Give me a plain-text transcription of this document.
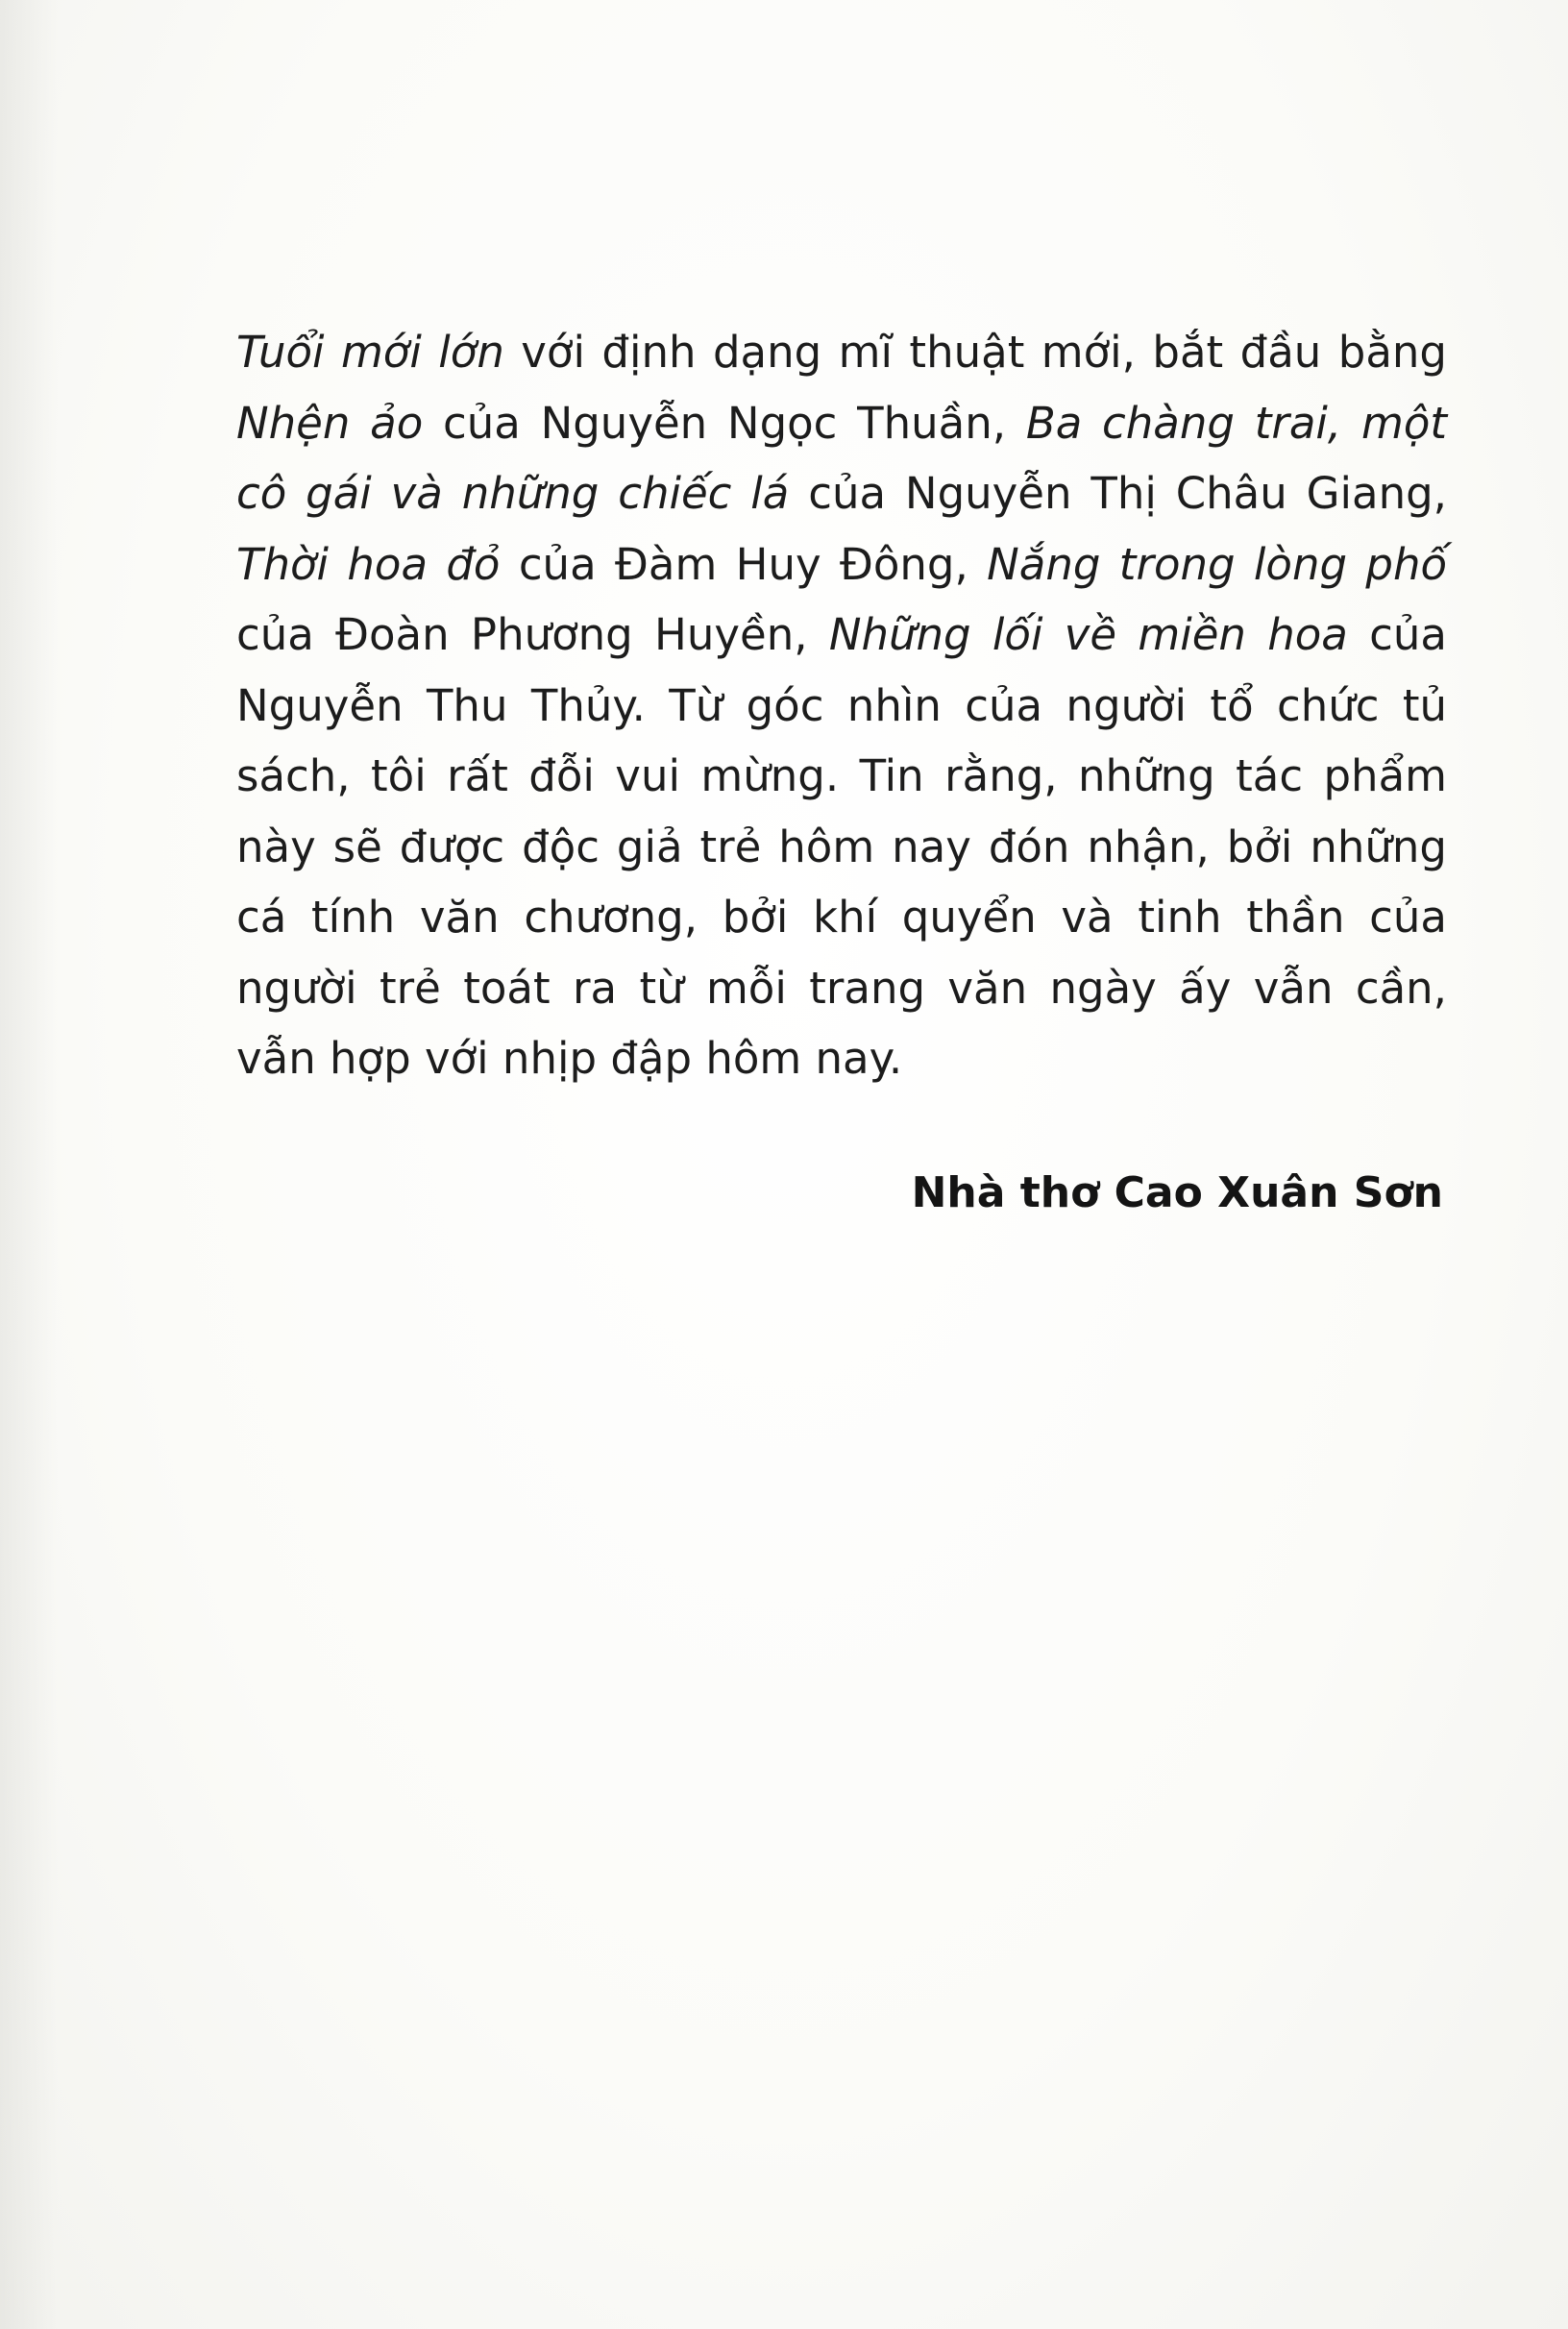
Tuổi mới lớn với định dạng mĩ thuật mới, bắt đầu bằng
Nhện ảo của Nguyễn Ngọc Thuần, Ba chàng trai, một
cô gái và những chiếc lá của Nguyễn Thị Châu Giang,
Thời hoa đỏ của Đàm Huy Đông, Nắng trong lòng phố
của Đoàn Phương Huyền, Những lối về miền hoa của
Nguyễn Thu Thủy. Từ góc nhìn của người tổ chức tủ
sách, tôi rất đỗi vui mừng. Tin rằng, những tác phẩm
này sẽ được độc giả trẻ hôm nay đón nhận, bởi những
cá tính văn chương, bởi khí quyển và tinh thần của
người trẻ toát ra từ mỗi trang văn ngày ấy vẫn cần,
vẫn hợp với nhịp đập hôm nay.
Nhà thơ Cao Xuân Sơn
